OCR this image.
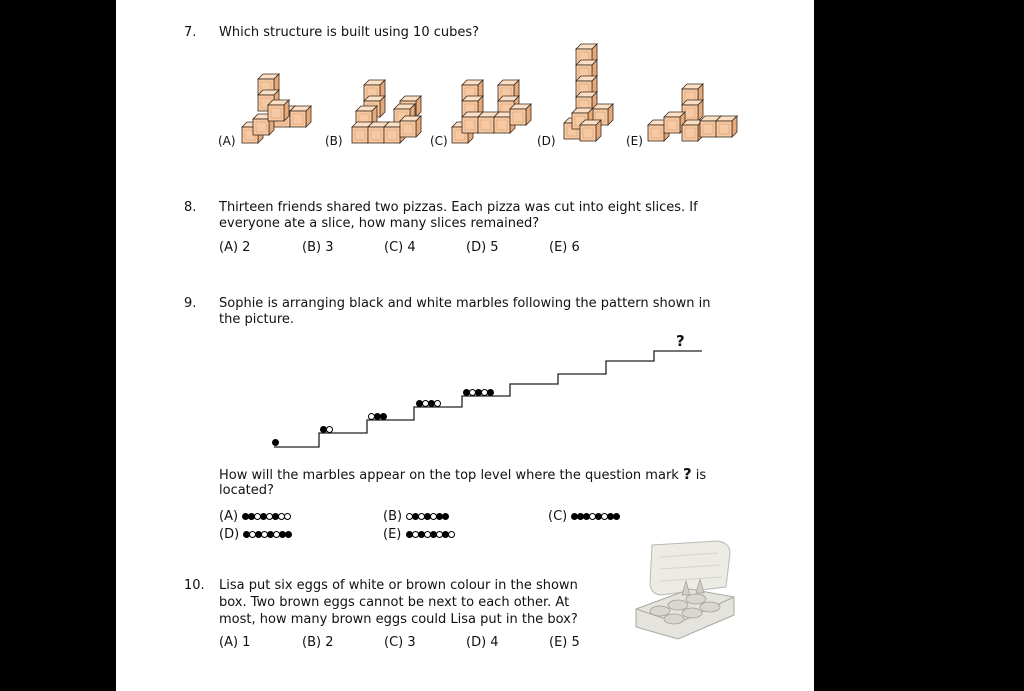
7. Which structure is built using 10 cubes?
(A)	(B)	(C)	(D)	(E)
8. Thirteen friends shared two pizzas. Each pizza was cut into eight slices. If
everyone ate a slice, how many slices remained?
(A) 2	(B) 3	(C) 4	(D) 5	(E) 6
9. Sophie is arranging black and white marbles following the pattern shown in
the picture.
?
How will the marbles appear on the top level where the question mark ? is
located?
(A)	(B)	(C)
(D)	(E)
10. Lisa put six eggs of white or brown colour in the shown
box. Two brown eggs cannot be next to each other. At
most, how many brown eggs could Lisa put in the box?
(A) 1	(B) 2	(C) 3	(D) 4	(E) 5
